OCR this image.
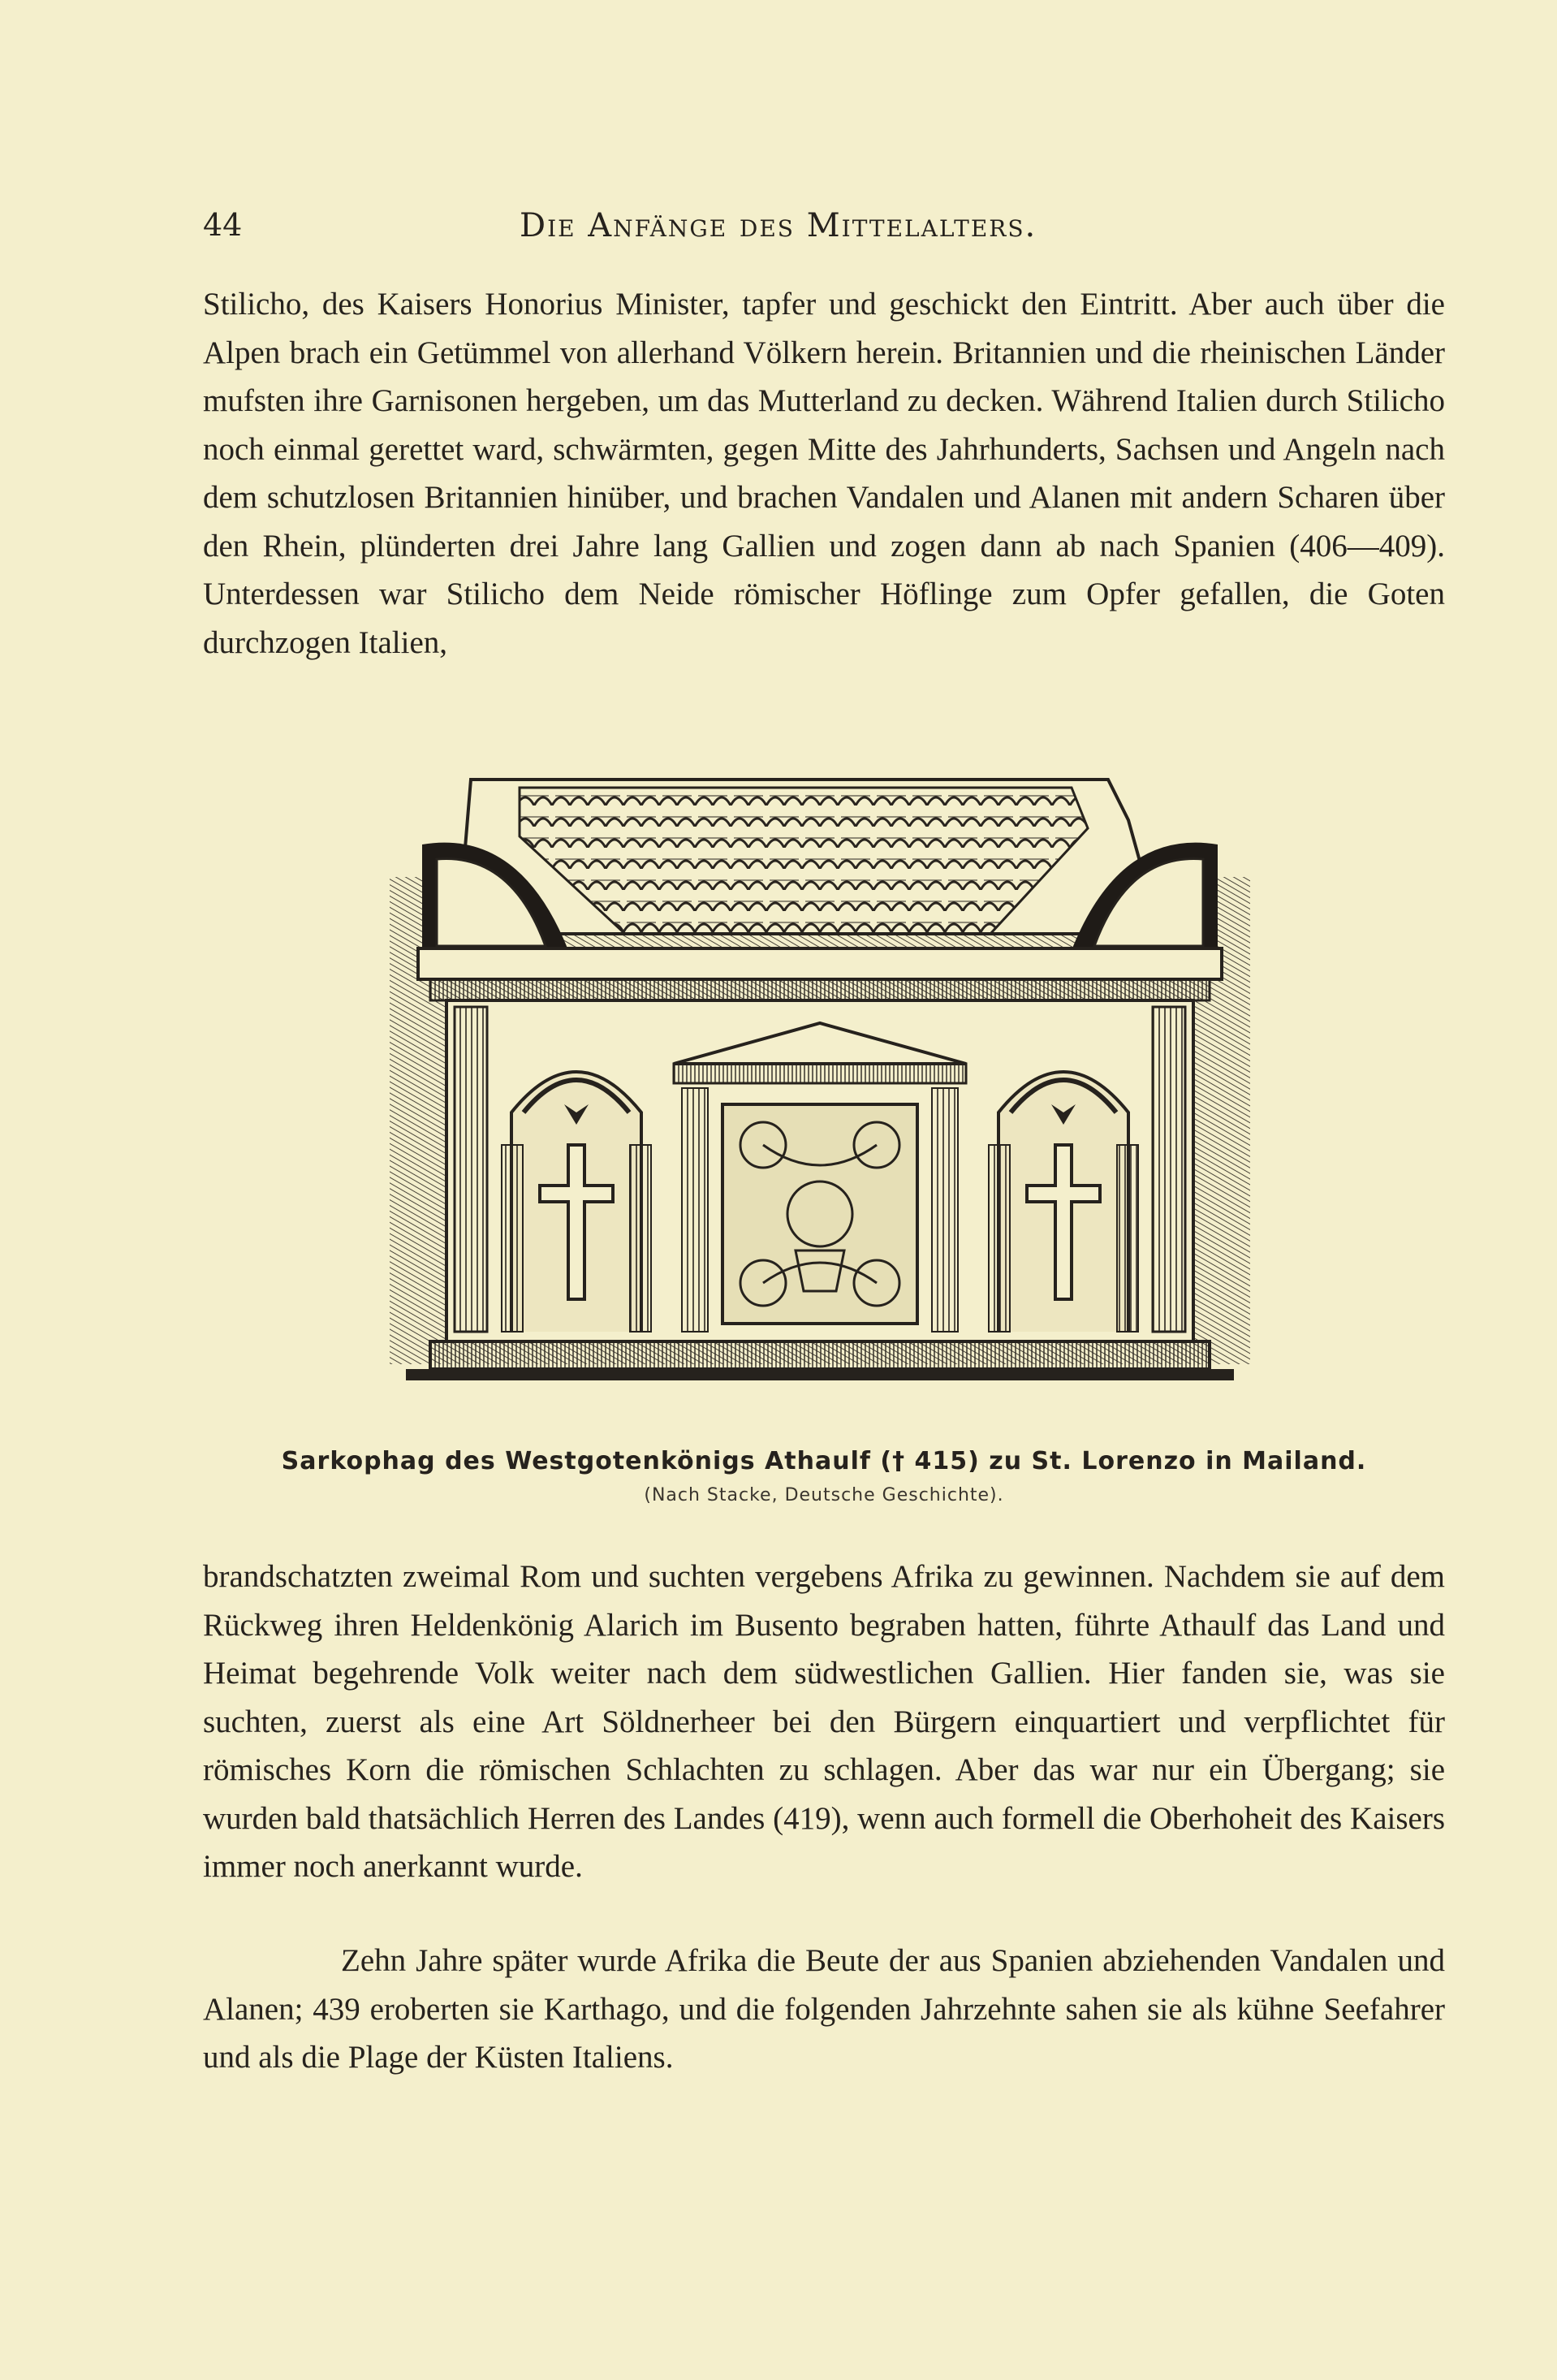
44	Die Anfänge des Mittelalters.

Stilicho, des Kaisers Honorius Minister, tapfer und geschickt den Eintritt. Aber auch über die Alpen brach ein Getümmel von allerhand Völkern herein. Britannien und die rheinischen Länder mufsten ihre Garnisonen hergeben, um das Mutterland zu decken. Während Italien durch Stilicho noch einmal gerettet ward, schwärmten, gegen Mitte des Jahrhunderts, Sachsen und Angeln nach dem schutzlosen Britannien hinüber, und brachen Vandalen und Alanen mit andern Scharen über den Rhein, plünderten drei Jahre lang Gallien und zogen dann ab nach Spanien (406—409). Unterdessen war Stilicho dem Neide römischer Höflinge zum Opfer gefallen, die Goten durchzogen Italien,

Sarkophag des Westgotenkönigs Athaulf († 415) zu St. Lorenzo in Mailand.
(Nach Stacke, Deutsche Geschichte).

brandschatzten zweimal Rom und suchten vergebens Afrika zu gewinnen. Nachdem sie auf dem Rückweg ihren Heldenkönig Alarich im Busento begraben hatten, führte Athaulf das Land und Heimat begehrende Volk weiter nach dem südwestlichen Gallien. Hier fanden sie, was sie suchten, zuerst als eine Art Söldnerheer bei den Bürgern einquartiert und verpflichtet für römisches Korn die römischen Schlachten zu schlagen. Aber das war nur ein Übergang; sie wurden bald thatsächlich Herren des Landes (419), wenn auch formell die Oberhoheit des Kaisers immer noch anerkannt wurde.

Zehn Jahre später wurde Afrika die Beute der aus Spanien abziehenden Vandalen und Alanen; 439 eroberten sie Karthago, und die folgenden Jahrzehnte sahen sie als kühne Seefahrer und als die Plage der Küsten Italiens.
